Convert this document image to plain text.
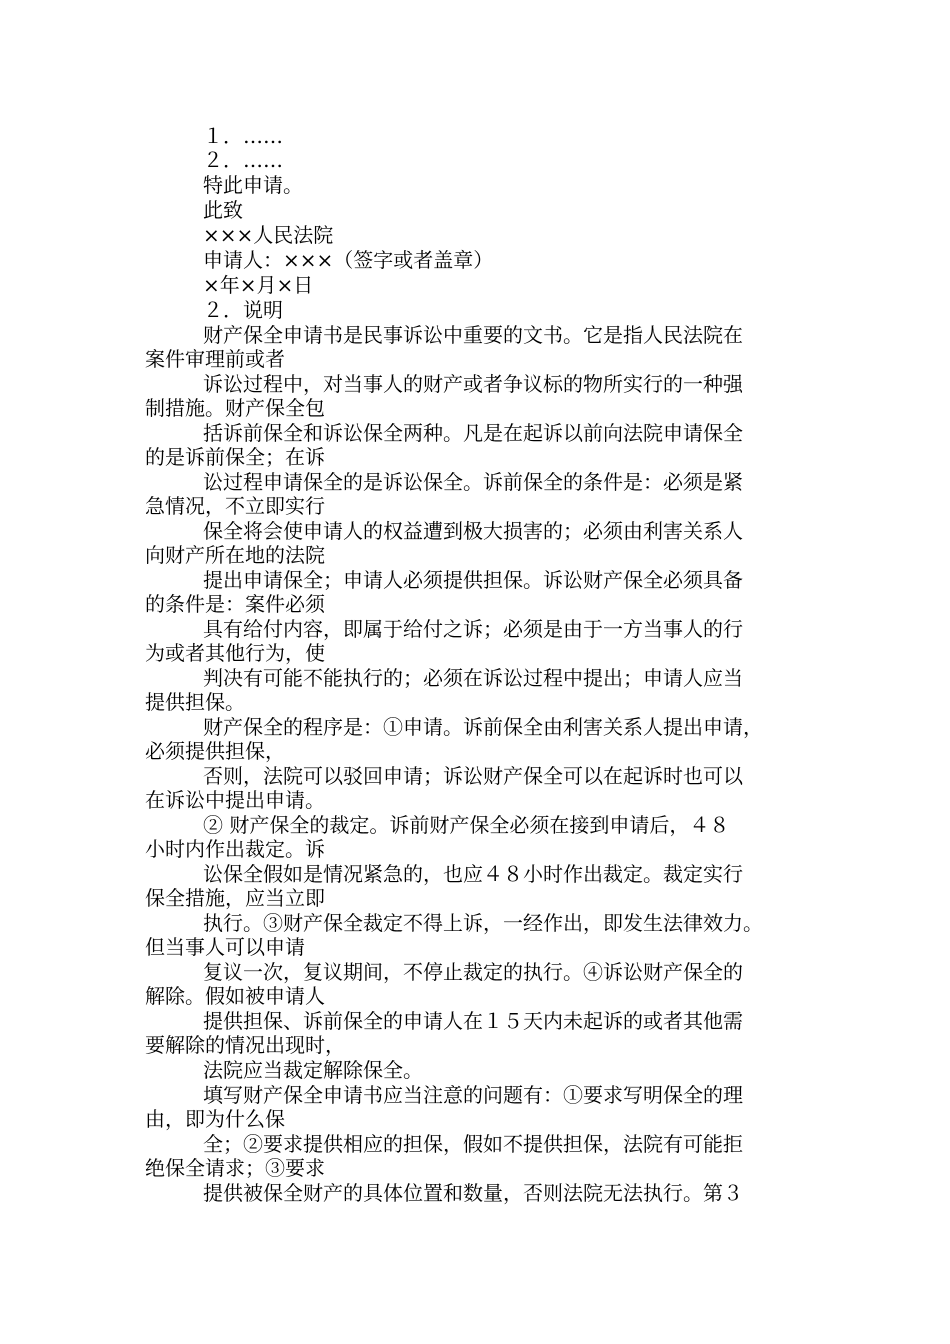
１．……
２．……
特此申请。
此致
×××人民法院
申请人：×××（签字或者盖章）
×年×月×日
２．说明
财产保全申请书是民事诉讼中重要的文书。它是指人民法院在
案件审理前或者
诉讼过程中，对当事人的财产或者争议标的物所实行的一种强
制措施。财产保全包
括诉前保全和诉讼保全两种。凡是在起诉以前向法院申请保全
的是诉前保全；在诉
讼过程申请保全的是诉讼保全。诉前保全的条件是：必须是紧
急情况，不立即实行
保全将会使申请人的权益遭到极大损害的；必须由利害关系人
向财产所在地的法院
提出申请保全；申请人必须提供担保。诉讼财产保全必须具备
的条件是：案件必须
具有给付内容，即属于给付之诉；必须是由于一方当事人的行
为或者其他行为，使
判决有可能不能执行的；必须在诉讼过程中提出；申请人应当
提供担保。
财产保全的程序是：①申请。诉前保全由利害关系人提出申请，
必须提供担保，
否则，法院可以驳回申请；诉讼财产保全可以在起诉时也可以
在诉讼中提出申请。
② 财产保全的裁定。诉前财产保全必须在接到申请后，４８
小时内作出裁定。诉
讼保全假如是情况紧急的，也应４８小时作出裁定。裁定实行
保全措施，应当立即
执行。③财产保全裁定不得上诉，一经作出，即发生法律效力。
但当事人可以申请
复议一次，复议期间，不停止裁定的执行。④诉讼财产保全的
解除。假如被申请人
提供担保、诉前保全的申请人在１５天内未起诉的或者其他需
要解除的情况出现时，
法院应当裁定解除保全。
填写财产保全申请书应当注意的问题有：①要求写明保全的理
由，即为什么保
全；②要求提供相应的担保，假如不提供担保，法院有可能拒
绝保全请求；③要求
提供被保全财产的具体位置和数量，否则法院无法执行。第３
